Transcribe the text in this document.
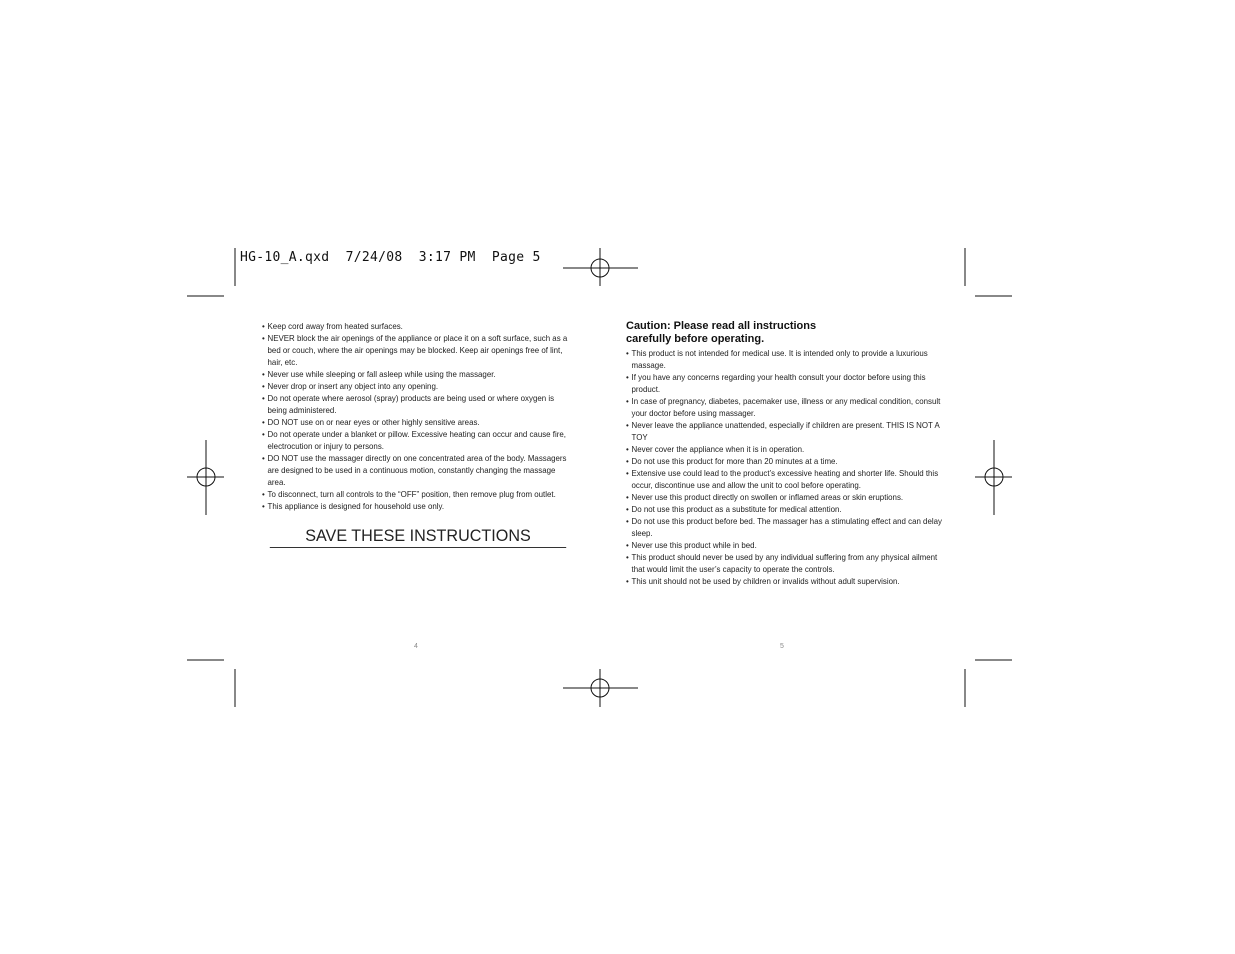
HG-10_A.qxd  7/24/08  3:17 PM  Page 5
• Keep cord away from heated surfaces.
• NEVER block the air openings of the appliance or place it on a soft surface, such as a bed or couch, where the air openings may be blocked. Keep air openings free of lint, hair, etc.
• Never use while sleeping or fall asleep while using the massager.
• Never drop or insert any object into any opening.
• Do not operate where aerosol (spray) products are being used or where oxygen is being administered.
• DO NOT use on or near eyes or other highly sensitive areas.
• Do not operate under a blanket or pillow. Excessive heating can occur and cause fire, electrocution or injury to persons.
• DO NOT use the massager directly on one concentrated area of the body. Massagers are designed to be used in a continuous motion, constantly changing the massage area.
• To disconnect, turn all controls to the “OFF” position, then remove plug from outlet.
• This appliance is designed for household use only.
SAVE THESE INSTRUCTIONS
Caution: Please read all instructions
carefully before operating.
• This product is not intended for medical use. It is intended only to provide a luxurious massage.
• If you have any concerns regarding your health consult your doctor before using this product.
• In case of pregnancy, diabetes, pacemaker use, illness or any medical condition, consult your doctor before using massager.
• Never leave the appliance unattended, especially if children are present. THIS IS NOT A TOY
• Never cover the appliance when it is in operation.
• Do not use this product for more than 20 minutes at a time.
• Extensive use could lead to the product’s excessive heating and shorter life. Should this occur, discontinue use and allow the unit to cool before operating.
• Never use this product directly on swollen or inflamed areas or skin eruptions.
• Do not use this product as a substitute for medical attention.
• Do not use this product before bed. The massager has a stimulating effect and can delay sleep.
• Never use this product while in bed.
• This product should never be used by any individual suffering from any physical ailment that would limit the user’s capacity to operate the controls.
• This unit should not be used by children or invalids without adult supervision.
4	5
